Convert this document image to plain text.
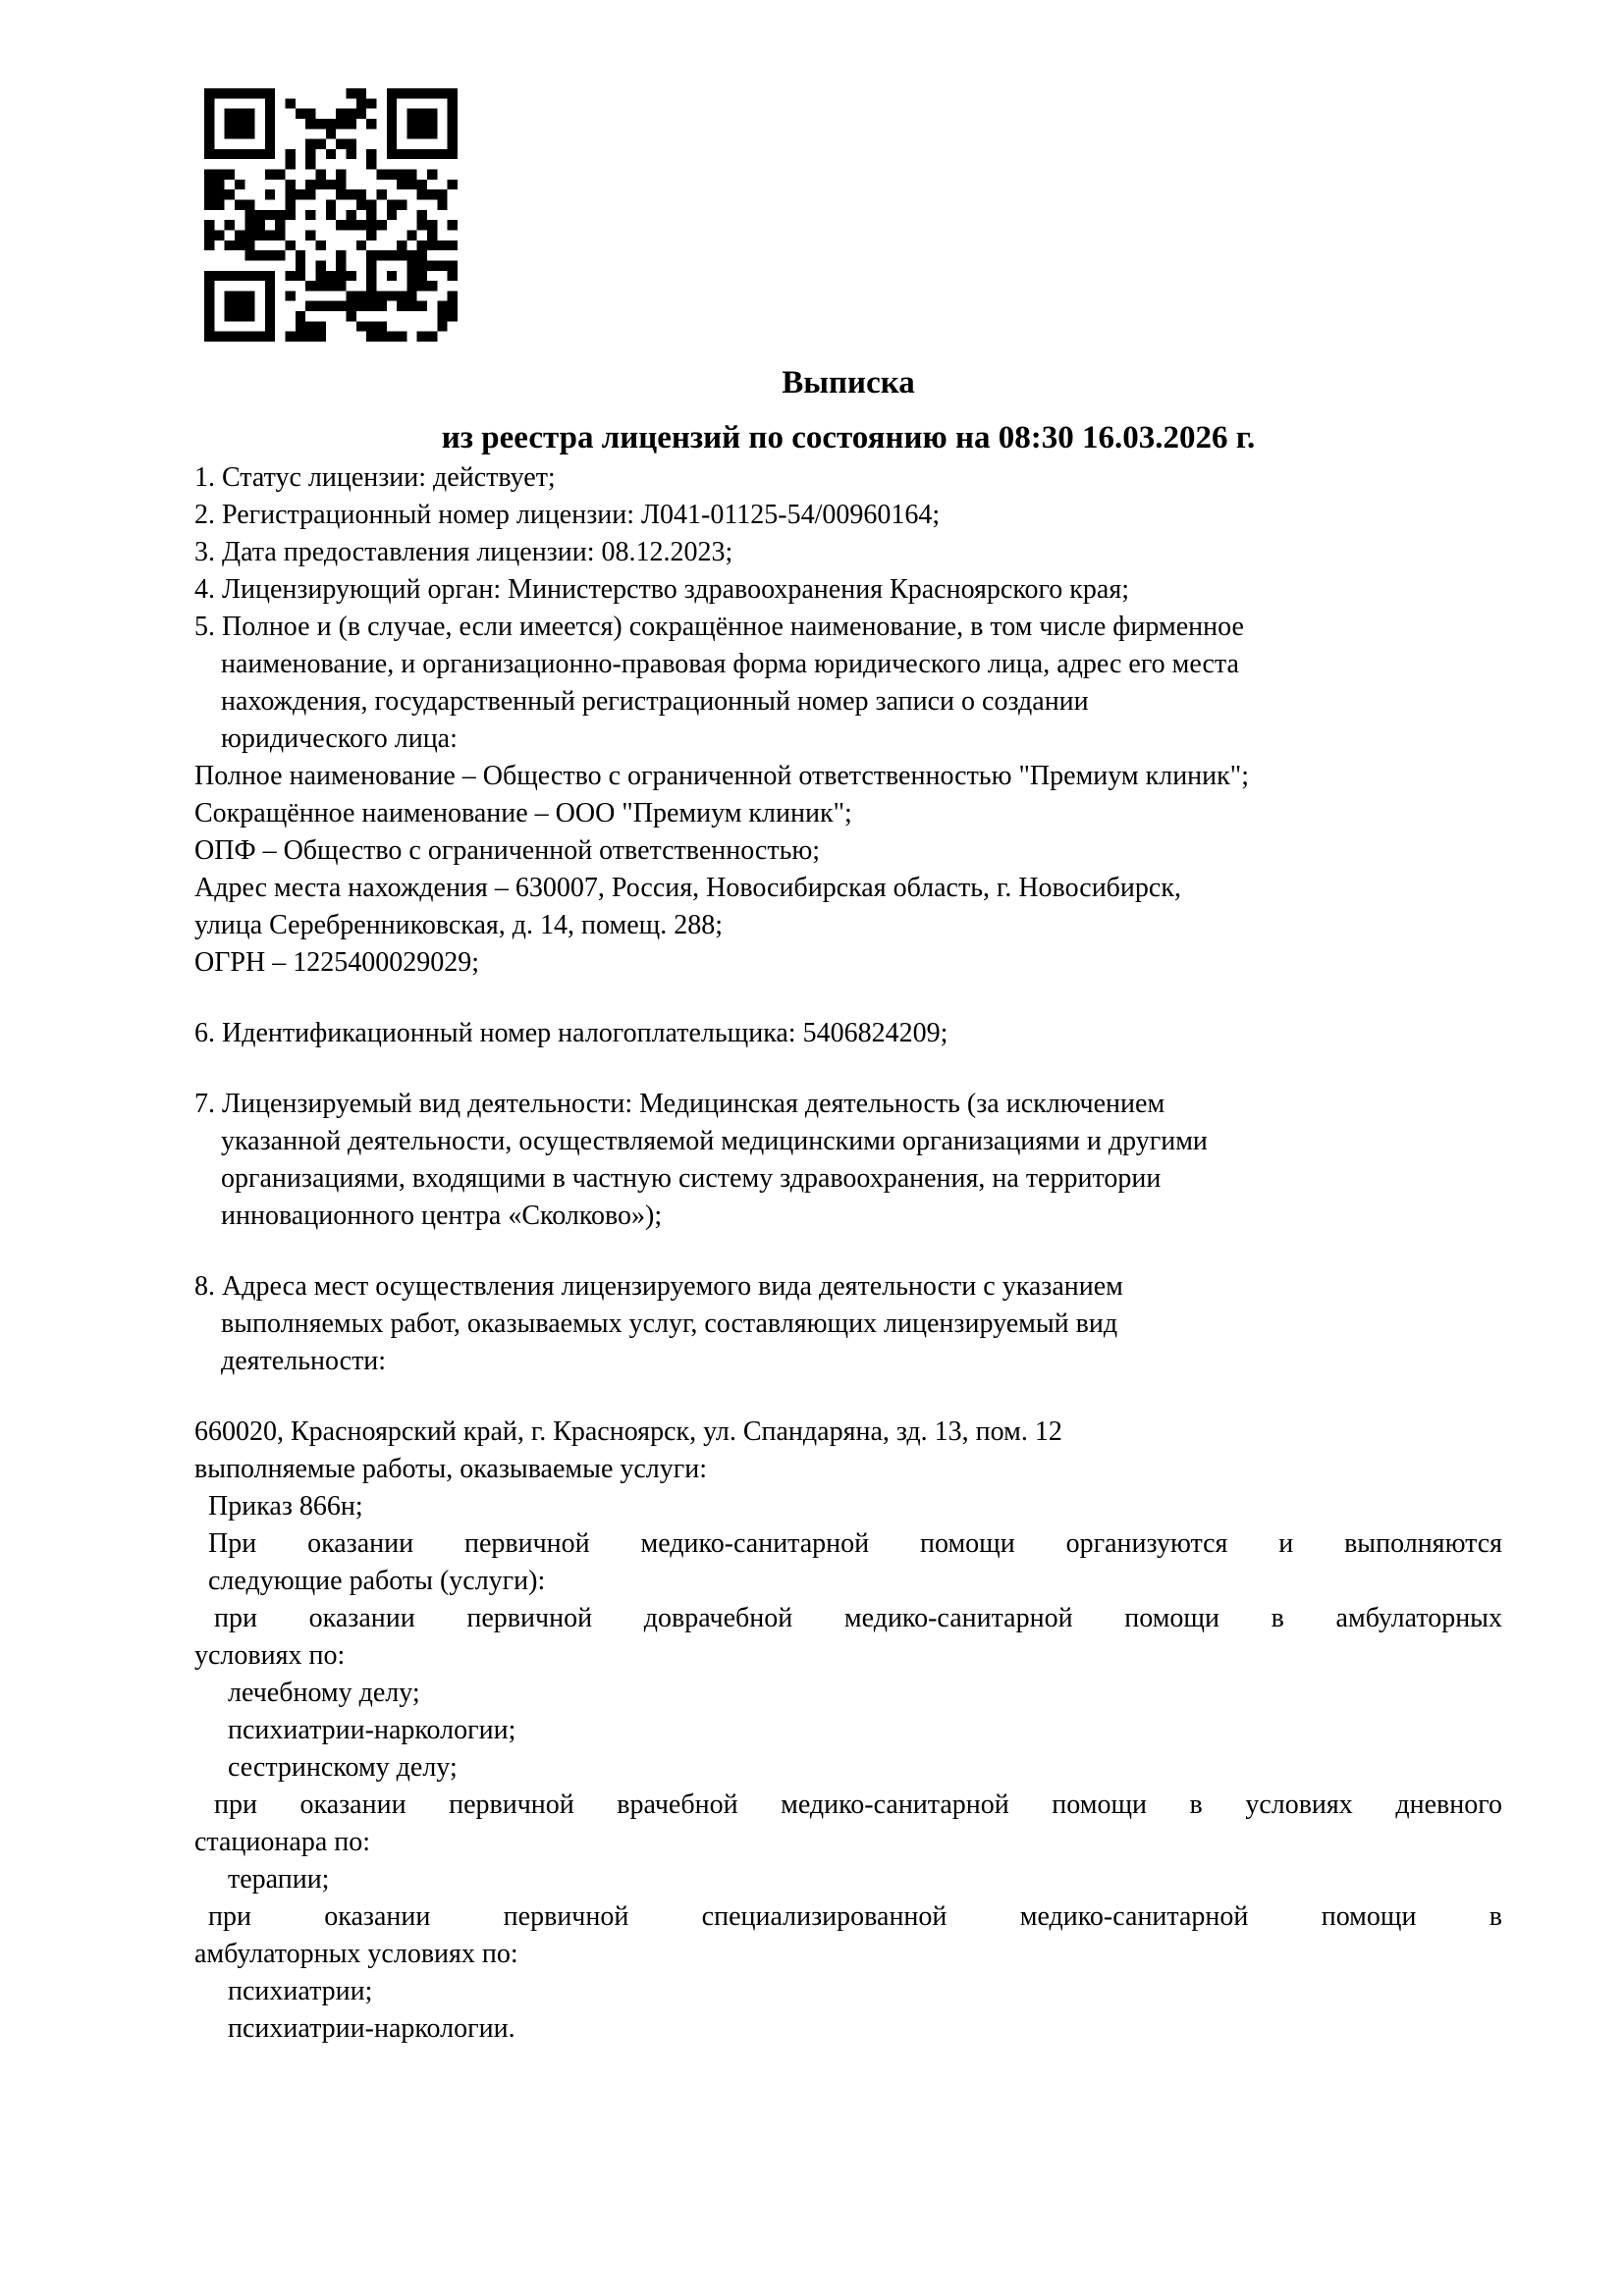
Выписка
из реестра лицензий по состоянию на 08:30 16.03.2026 г.
1. Статус лицензии: действует;
2. Регистрационный номер лицензии: Л041-01125-54/00960164;
3. Дата предоставления лицензии: 08.12.2023;
4. Лицензирующий орган: Министерство здравоохранения Красноярского края;
5. Полное и (в случае, если имеется) сокращённое наименование, в том числе фирменное
наименование, и организационно-правовая форма юридического лица, адрес его места
нахождения, государственный регистрационный номер записи о создании
юридического лица:
Полное наименование – Общество с ограниченной ответственностью "Премиум клиник";
Сокращённое наименование – ООО "Премиум клиник";
ОПФ – Общество с ограниченной ответственностью;
Адрес места нахождения – 630007, Россия, Новосибирская область, г. Новосибирск,
улица Серебренниковская, д. 14, помещ. 288;
ОГРН – 1225400029029;

6. Идентификационный номер налогоплательщика: 5406824209;

7. Лицензируемый вид деятельности: Медицинская деятельность (за исключением
указанной деятельности, осуществляемой медицинскими организациями и другими
организациями, входящими в частную систему здравоохранения, на территории
инновационного центра «Сколково»);

8. Адреса мест осуществления лицензируемого вида деятельности с указанием
выполняемых работ, оказываемых услуг, составляющих лицензируемый вид
деятельности:

660020, Красноярский край, г. Красноярск, ул. Спандаряна, зд. 13, пом. 12
выполняемые работы, оказываемые услуги:
Приказ 866н;
При оказании первичной медико-санитарной помощи организуются и выполняются
следующие работы (услуги):
при оказании первичной доврачебной медико-санитарной помощи в амбулаторных
условиях по:
лечебному делу;
психиатрии-наркологии;
сестринскому делу;
при оказании первичной врачебной медико-санитарной помощи в условиях дневного
стационара по:
терапии;
при оказании первичной специализированной медико-санитарной помощи в
амбулаторных условиях по:
психиатрии;
психиатрии-наркологии.
